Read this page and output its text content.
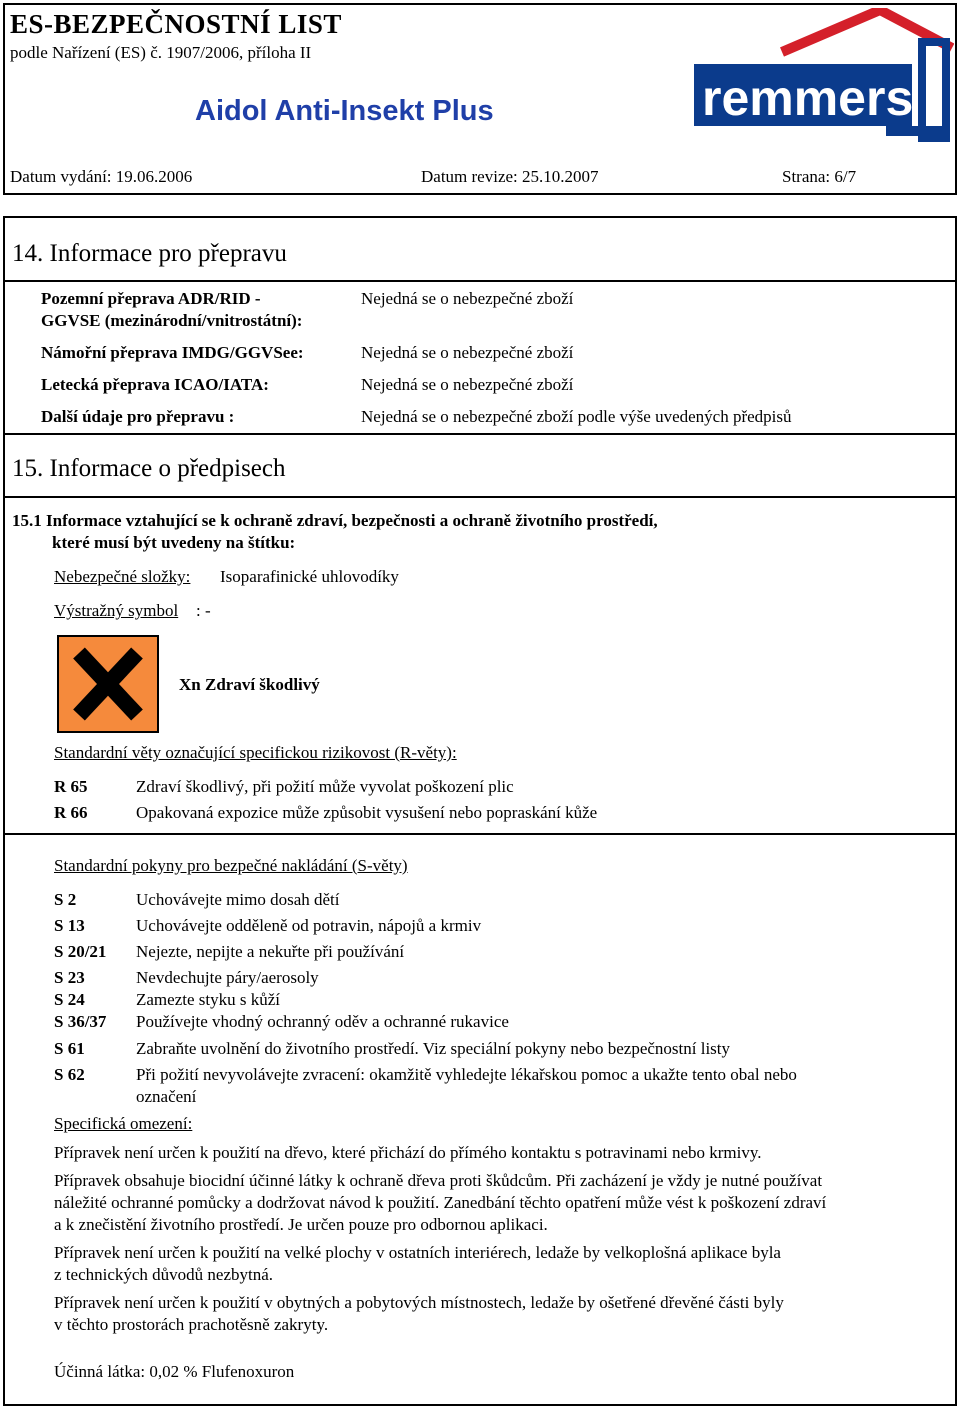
ES-BEZPEČNOSTNÍ LIST
podle Nařízení (ES) č. 1907/2006, příloha II
Aidol Anti-Insekt Plus	remmers
Datum vydání: 19.06.2006	Datum revize: 25.10.2007	Strana: 6/7
14. Informace pro přepravu
Pozemní přeprava ADR/RID -
GGVSE (mezinárodní/vnitrostátní):
Nejedná se o nebezpečné zboží
Námořní přeprava IMDG/GGVSee:	Nejedná se o nebezpečné zboží
Letecká přeprava ICAO/IATA:	Nejedná se o nebezpečné zboží
Další údaje pro přepravu :	Nejedná se o nebezpečné zboží podle výše uvedených předpisů
15. Informace o předpisech
15.1 Informace vztahující se k ochraně zdraví, bezpečnosti a ochraně životního prostředí,
které musí být uvedeny na štítku:
Nebezpečné složky: Isoparafinické uhlovodíky
Výstražný symbol : -
Xn Zdraví škodlivý
Standardní věty označující specifickou rizikovost (R-věty):
R 65	Zdraví škodlivý, při požití může vyvolat poškození plic
R 66	Opakovaná expozice může způsobit vysušení nebo popraskání kůže
Standardní pokyny pro bezpečné nakládání (S-věty)
S 2	Uchovávejte mimo dosah dětí
S 13	Uchovávejte odděleně od potravin, nápojů a krmiv
S 20/21 Nejezte, nepijte a nekuřte při používání
S 23	Nevdechujte páry/aerosoly
S 24	Zamezte styku s kůží
S 36/37 Používejte vhodný ochranný oděv a ochranné rukavice
S 61	Zabraňte uvolnění do životního prostředí. Viz speciální pokyny nebo bezpečnostní listy
S 62	Při požití nevyvolávejte zvracení: okamžitě vyhledejte lékařskou pomoc a ukažte tento obal nebo
označení
Specifická omezení:
Přípravek není určen k použití na dřevo, které přichází do přímého kontaktu s potravinami nebo krmivy.
Přípravek obsahuje biocidní účinné látky k ochraně dřeva proti škůdcům. Při zacházení je vždy je nutné používat
náležité ochranné pomůcky a dodržovat návod k použití. Zanedbání těchto opatření může vést k poškození zdraví
a k znečistění životního prostředí. Je určen pouze pro odbornou aplikaci.
Přípravek není určen k použití na velké plochy v ostatních interiérech, ledaže by velkoplošná aplikace byla
z technických důvodů nezbytná.
Přípravek není určen k použití v obytných a pobytových místnostech, ledaže by ošetřené dřevěné části byly
v těchto prostorách prachotěsně zakryty.
Účinná látka: 0,02 % Flufenoxuron
